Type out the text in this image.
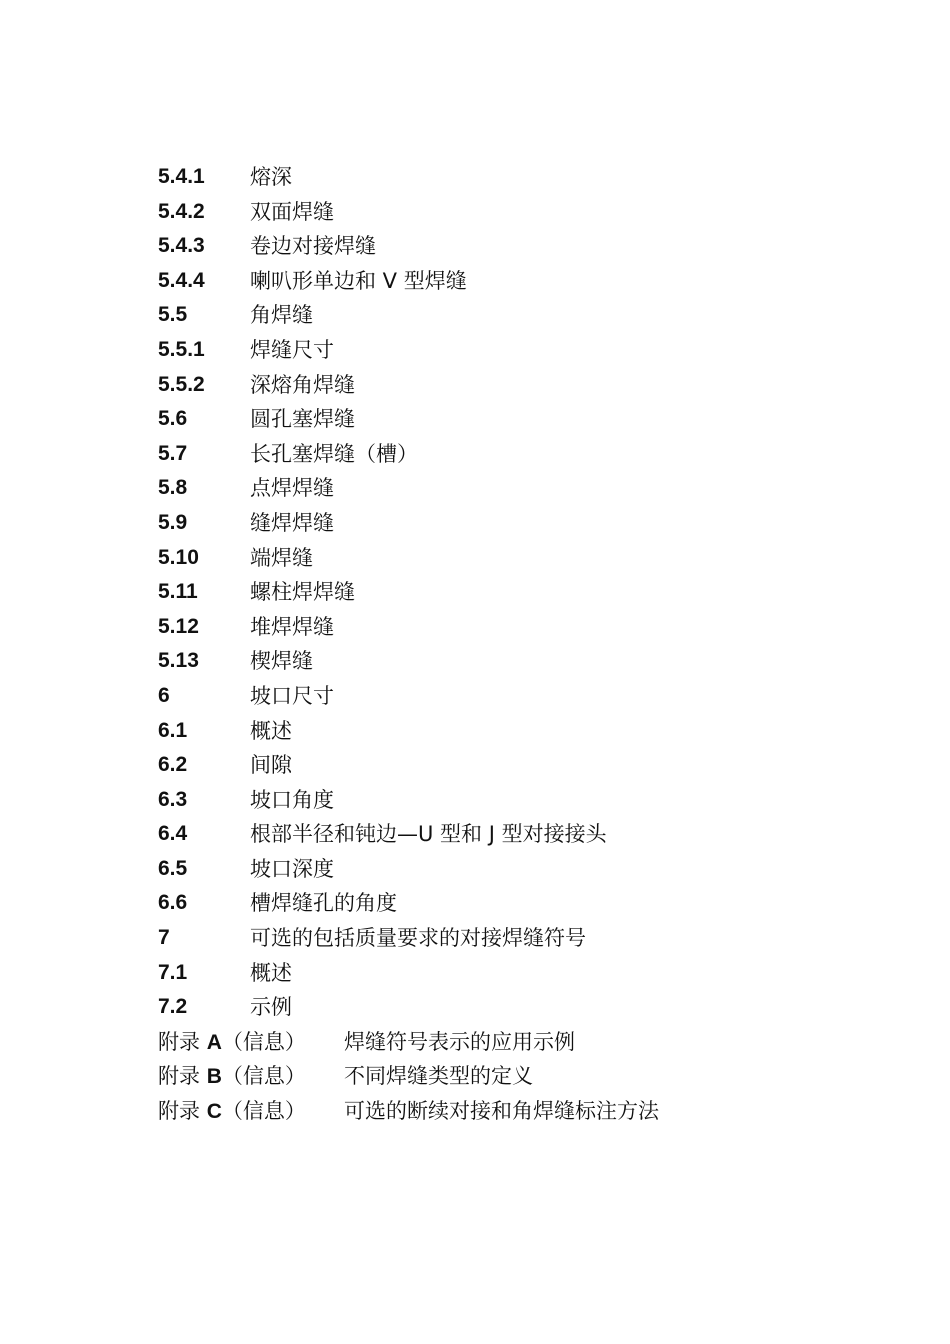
5.4.1 熔深
5.4.2 双面焊缝
5.4.3 卷边对接焊缝
5.4.4 喇叭形单边和 V 型焊缝
5.5	角焊缝
5.5.1 焊缝尺寸
5.5.2 深熔角焊缝
5.6	圆孔塞焊缝
5.7	长孔塞焊缝（槽）
5.8	点焊焊缝
5.9	缝焊焊缝
5.10 端焊缝
5.11 螺柱焊焊缝
5.12 堆焊焊缝
5.13 楔焊缝
6	坡口尺寸
6.1	概述
6.2	间隙
6.3	坡口角度
6.4	根部半径和钝边—U 型和 J 型对接接头
6.5	坡口深度
6.6	槽焊缝孔的角度
7	可选的包括质量要求的对接焊缝符号
7.1	概述
7.2	示例
附录 A（信息） 焊缝符号表示的应用示例
附录 B（信息） 不同焊缝类型的定义
附录 C（信息） 可选的断续对接和角焊缝标注方法
